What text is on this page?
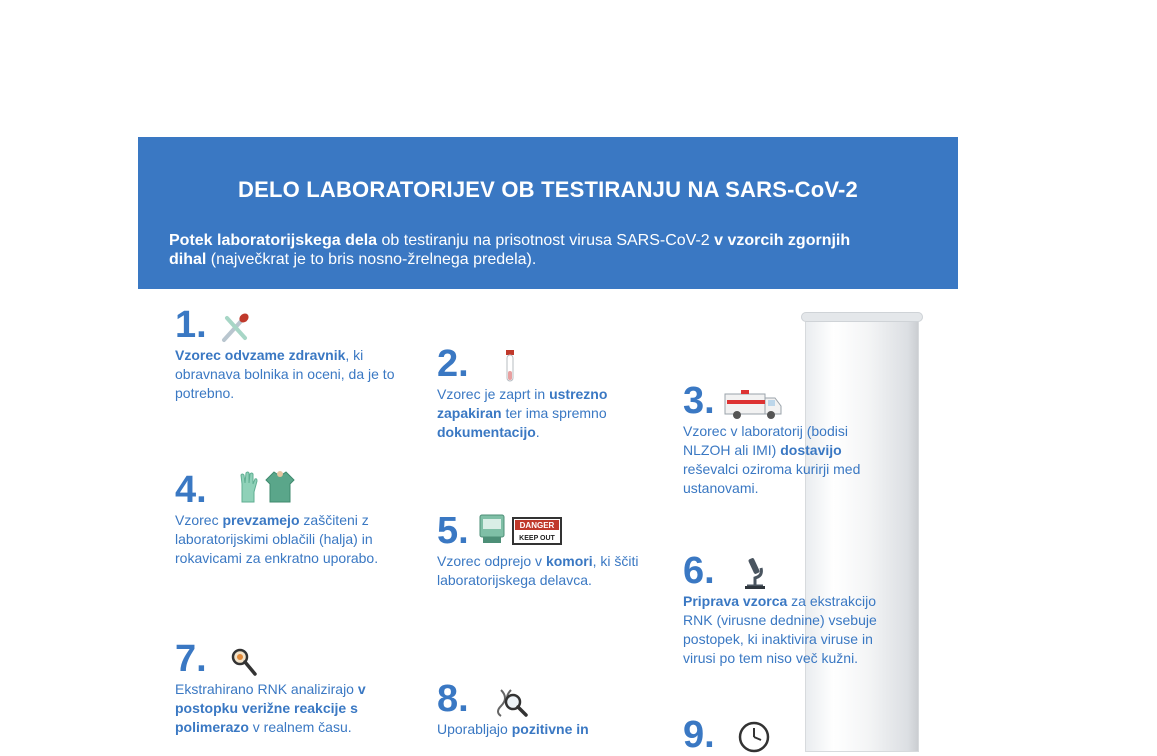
DELO LABORATORIJEV OB TESTIRANJU NA SARS-CoV-2

Potek laboratorijskega dela ob testiranju na prisotnost virusa SARS-CoV-2 v vzorcih zgornjih dihal (največkrat je to bris nosno-žrelnega predela).

1.
Vzorec odvzame zdravnik, ki obravnava bolnika in oceni, da je to potrebno.
2.
Vzorec je zaprt in ustrezno zapakiran ter ima spremno dokumentacijo.
3.
Vzorec v laboratorij (bodisi NLZOH ali IMI) dostavijo reševalci oziroma kurirji med ustanovami.
4.
Vzorec prevzamejo zaščiteni z laboratorijskimi oblačili (halja) in rokavicami za enkratno uporabo.
5.	DANGER
KEEP OUT
Vzorec odprejo v komori, ki ščiti laboratorijskega delavca.	6.
Priprava vzorca za ekstrakcijo RNK (virusne dednine) vsebuje postopek, ki inaktivira viruse in virusi po tem niso več kužni.
7.
Ekstrahirano RNK analizirajo v postopku verižne reakcije s polimerazo v realnem času.
8.
Uporabljajo pozitivne in	9.
